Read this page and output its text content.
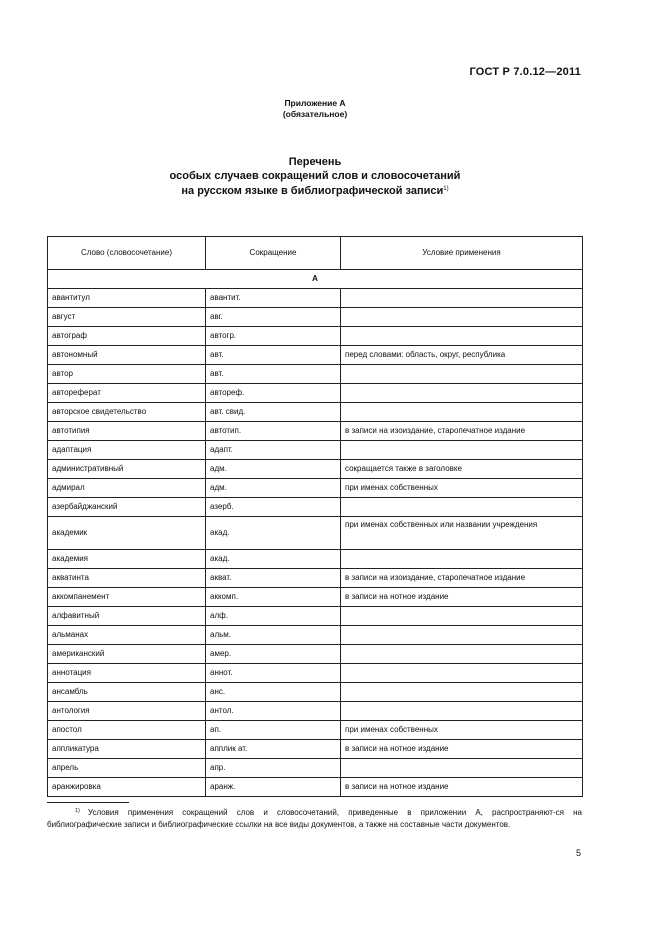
ГОСТ Р 7.0.12—2011
Приложение А
(обязательное)
Перечень
особых случаев сокращений слов и словосочетаний
на русском языке в библиографической записи$^{1)}$
Слово (словосочетание)	Сокращение	Условие применения
А		
авантитул	авантит.	
август	авг.	
автограф	автогр.	
автономный	авт.	перед словами: область, округ, республика
автор	авт.	
автореферат	автореф.	
авторское свидетельство	авт. свид.	
автотипия	автотип.	в записи на изоиздание, старопечатное издание
адаптация	адапт.	
административный	адм.	сокращается также в заголовке
адмирал	адм.	при именах собственных
азербайджанский	азерб.	
академик	акад.	при именах собственных или названии учреждения
академия	акад.	
акватинта	акват.	в записи на изоиздание, старопечатное издание
аккомпанемент	аккомп.	в записи на нотное издание
алфавитный	алф.	
альманах	альм.	
американский	амер.	
аннотация	аннот.	
ансамбль	анс.	
антология	антол.	
апостол	ап.	при именах собственных
аппликатура	апплик ат.	в записи на нотное издание
апрель	апр.	
аранжировка	аранж.	в записи на нотное издание
1) Условия применения сокращений слов и словосочетаний, приведенные в приложении А, распространяют-ся на библиографические записи и библиографические ссылки на все виды документов, а также на составные части документов.
5
